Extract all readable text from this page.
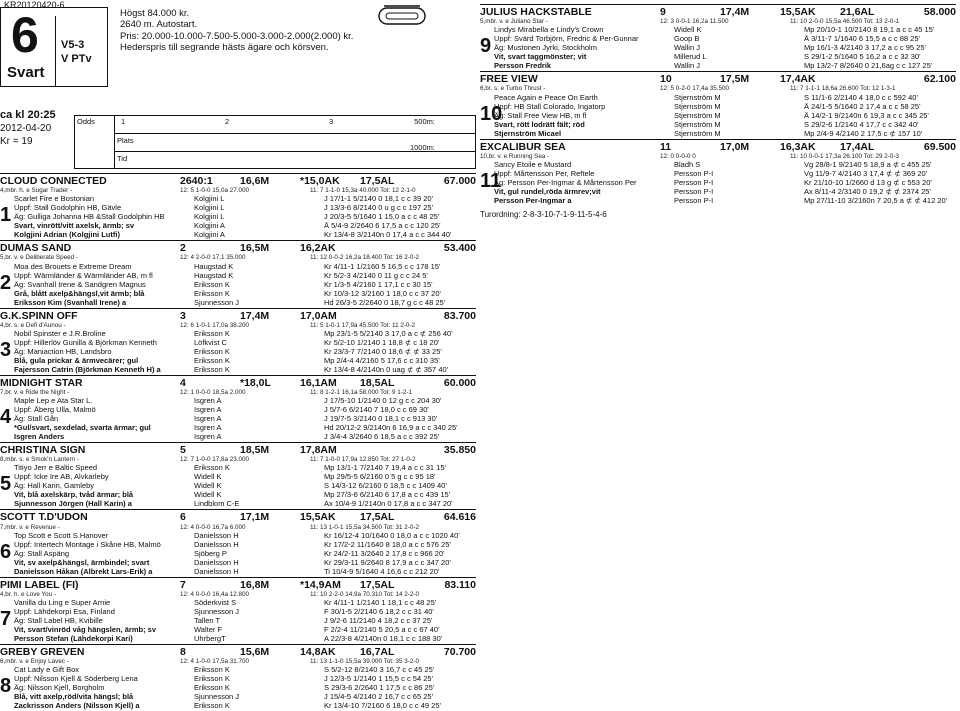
KR20120420-6
6
Svart
V5-3
V PTv
Högst 84.000 kr.
2640 m. Autostart.
Pris: 20.000-10.000-7.500-5.000-3.000-2.000(2.000) kr.
Hederspris till segrande hästs ägare och körsven.
ca kl 20:25
2012-04-20
Kr = 19
Odds	1	2	3	500m:
Plats
Tid
1000m:
CLOUD CONNECTED	2640:1	16,6M	*15,0AK	17,5AL	67.000
4,mbr. h. e Sugar Trader -	12: 5 1-0-0 15,0a 27.000	11: 7 1-1-0 15,3a 40.000 Tot: 12 2-1-0
1
Scarlet Fire e Bostonian	Kolgjini L	J 17/1-1 5/2140 0 18,1 c c 39 20'
Uppf: Stall Godolphin HB, Gävle	Kolgjini L	J 13/3-6 8/2140 0 u g c c 197 25'
Äg: Gulliga Johanna HB &Stall Godolphin HB	Kolgjini L	J 20/3-5 5/1640 1 15,0 a c c 48 25'
Svart, vinrött/vitt axelsk, ärmb; sv	Kolgjini A	Å 5/4-9 2/2640 6 17,5 a c c 120 25'
Kolgjini Adrian (Kolgjini Lutfi)	Kolgjini A	Kr 13/4-8 3/2140n 0 17,4 a c c 344 40'
DUMAS SAND	2	16,5M	16,2AK	53.400
5,br. v. e Deliberate Speed -	12: 4 2-0-0 17,1 35.000	11: 12 0-0-2 16,2a 18.400 Tot: 16 2-0-2
2
Moa des Brouets e Extreme Dream	Haugstad K	Kr 4/11-1 1/2160 5 16,5 c c 178 15'
Uppf: Wärmländer & Wärmländer AB, m fl	Haugstad K	Kr 5/2-3 4/2140 0 11 g c c 24 5'
Äg: Svanhall Irene & Sandgren Magnus	Eriksson K	Kr 1/3-5 4/2160 1 17,1 c c 30 15'
Grå, blått axelp&hängsl,vit ärmb; blå	Eriksson K	Kr 10/3-12 3/2160 1 18,0 c c 37 20'
Eriksson Kim (Svanhall Irene) a	Sjunnesson J	Hd 26/3-5 2/2640 0 18,7 g c c 48 25'
G.K.SPINN OFF	3	17,4M	17,0AM	83.700
4,br. s. e Defi d'Aunou -	12: 6 1-0-1 17,0a 38.200	11: 5 1-0-1 17,9a 45.500 Tot: 11 2-0-2
3
Nobil Spinster e J.R.Broline	Eriksson K	Mp 23/1-5 5/2140 3 17,0 a c ⊄ 256 40'
Uppf: Hillerlöv Gunilla & Björkman Kenneth	Löfkvist C	Kr 5/2-10 1/2140 1 18,8 ⊄ c 18 20'
Äg: Maniaction HB, Landsbro	Eriksson K	Kr 23/3-7 7/2140 0 18,6 ⊄ ⊄ 33 25'
Blå, gula prickar & ärmvecärer; gul	Eriksson K	Mp 2/4-4 4/2160 5 17,6 c c 310 35'
Fajersson Catrin (Björkman Kenneth H) a	Eriksson K	Kr 13/4-8 4/2140n 0 uag ⊄ ⊄ 357 40'
MIDNIGHT STAR	4	*18,0L	16,1AM	18,5AL	60.000
7,br. v. e Ride the Night -	12: 1 0-0-0 18,5a 2.000	11: 8 1-2-1 16,1a 58.000 Tot: 9 1-2-1
4
Maple Lep e Ata Star L.	Isgren A	J 17/5-10 1/2140 0 12 g c c 204 30'
Uppf: Åberg Ulla, Malmö	Isgren A	J 5/7-6 6/2140 7 18,0 c c 69 30'
Äg: Stall Gån	Isgren A	J 19/7-5 3/2140 0 18,1 c c 913 30'
*Gul/svart, sexdelad, svarta ärmar; gul	Isgren A	Hd 20/12-2 9/2140n 6 16,9 a c c 340 25'
Isgren Anders	Isgren A	J 3/4-4 3/2640 6 18,5 a c c 392 25'
CHRISTINA SIGN	5	18,5M	17,8AM	35.850
8,mbr. s. e Smok'n Lantern -	12: 7 1-0-0 17,8a 23.000	11: 7 1-0-0 17,9a 12.850 Tot: 27 1-0-2
5
Titiyo Jerr e Baltic Speed	Eriksson K	Mp 13/1-1 7/2140 7 19,4 a c c 31 15'
Uppf: Icke Ire AB, Alvkarleby	Widell K	Mp 29/5-5 6/2160 0 5 g c c 95 18'
Äg: Hall Karin, Gamleby	Widell K	S 14/3-12 6/2160 0 18,5 c c 1409 40'
Vit, blå axelskärp, tvåd ärmar; blå	Widell K	Mp 27/3-6 6/2140 6 17,8 a c c 439 15'
Sjunnesson Jörgen (Hall Karin) a	Lindblom C-E	Ax 10/4-9 1/2140n 0 17,8 a c c 347 20'
SCOTT T.D'UDON	6	17,1M	15,5AK	17,5AL	64.616
7,mbr. v. e Revenue -	12: 4 0-0-0 16,7a 6.000	11: 13 1-0-1 15,5a 34.500 Tot: 31 2-0-2
6
Top Scott e Scott S.Hanover	Danielsson H	Kr 16/12-4 10/1640 0 18,0 a c c 1020 40'
Uppf: Intertech Montage i Skåne HB, Malmö	Danielsson H	Kr 17/2-2 11/1640 8 18,0 a c c 576 25'
Äg: Stall Aspäng	Sjöberg P	Kr 24/2-11 3/2640 2 17,8 c c 966 20'
Vit, sv axelp&hängsl, ärmbindel; svart	Danielsson H	Kr 29/3-11 9/2640 8 17,9 a c c 347 20'
Danielsson Håkan (Albrekt Lars-Erik) a	Danielsson H	Ti 10/4-9 5/1640 4 16,6 c c 212 20'
PIMI LABEL (FI)	7	16,8M	*14,9AM	17,5AL	83.110
4,br. h. e Love You -	12: 4 0-0-0 16,4a 12.800	11: 10 2-2-0 14,9a 70.310 Tot: 14 2-2-0
7
Vanilla du Ling e Super Arnie	Söderkvist S	Kr 4/11-1 1/2140 1 18,1 c c 48 25'
Uppf: Lähdekorpi Esa, Finland	Sjunnesson J	F 30/1-5 2/2140 6 18,2 c c 31 40'
Äg: Stall Label HB, Kvibille	Tallen T	J 9/2-6 11/2140 4 18,2 c c 37 25'
Vit, svart/vinröd våg hängslen, ärmb; sv	Walter F	F 2/2-4 11/2140 5 20,5 a c c 67 40'
Persson Stefan (Lähdekorpi Kari)	UhrbergT	A 22/3-8 4/2140n 0 18,1 c c 188 30'
GREBY GREVEN	8	15,6M	14,8AK	16,7AL	70.700
6,mbr. v. e Enjoy Lavec -	12: 4 1-0-0 17,5a 31.700	11: 13 1-1-0 15,5a 39.000 Tot: 35 3-2-0
8
Cat Lady e Gift Box	Eriksson K	S 5/2-12 8/2140 3 16,7 c c 45 25'
Uppf: Nilsson Kjell & Söderberg Lena	Eriksson K	J 12/3-5 1/2140 1 15,5 c c 54 25'
Äg: Nilsson Kjell, Borgholm	Eriksson K	S 29/3-6 2/2640 1 17,5 c c 86 25'
Blå, vitt axelp,röd/vita hängsl; blå	Sjunnesson J	J 15/4-5 4/2140 2 16,7 c c 65 25'
Zackrisson Anders (Nilsson Kjell) a	Eriksson K	Kr 13/4-10 7/2160 6 18,0 c c 49 25'
JULIUS HACKSTABLE	9	17,4M	15,5AK	21,6AL	58.000
5,mbr. v. e Juliano Star -	12: 3 0-0-1 16,2a 11.500	11: 10 2-0-0 15,5a 46.500 Tot: 13 2-0-1
9
Lindys Mirabella e Lindy's Crown	Widell K	Mp 20/10-1 10/2140 8 19,1 a c c 45 15'
Uppf: Svärd Torbjörn, Fredric & Per-Gunnar	Goop B	Å 3/11-7 1/1640 6 15,5 a c c 88 25'
Äg: Mustonen Jyrki, Stockholm	Wallin J	Mp 16/1-3 4/2140 3 17,2 a c c 95 25'
Vit, svart taggmönster; vit	Millerud L	S 29/1-2 5/1640 5 16,2 a c c 32 30'
Persson Fredrik	Wallin J	Mp 13/2-7 8/2640 0 21,6ag c c 127 25'
FREE VIEW	10	17,5M	17,4AK	62.100
6,br. s. e Turbo Thrust -	12: 5 0-2-0 17,4a 35.500	11: 7 1-1-1 18,6a 26.600 Tot: 12 1-3-1
10
Peace Again e Peace On Earth	Stjernström M	S 11/1-6 2/2140 4 18,0 c c 592 40'
Uppf: HB Stall Colorado, Ingatorp	Stjernström M	Å 24/1-5 5/1640 2 17,4 a c c 58 25'
Äg: Stall Free View HB, m fl	Stjernström M	Å 14/2-1 9/2140n 6 19,3 a c c 345 25'
Svart, rött lodrätt fält; röd	Stjernström M	S 29/2-6 1/2140 4 17,7 c c 342 40'
Stjernström Micael	Stjernström M	Mp 2/4-9 4/2140 2 17,5 c ⊄ 157 10'
EXCALIBUR SEA	11	17,0M	16,3AK	17,4AL	69.500
10,br. v. e Running Sea -	12: 0 0-0-0 0	11: 10 0-0-1 17,3a 26.100 Tot: 29 2-0-3
11
Sancy Etoile e Mustard	Bladh S	Vg 28/8-1 9/2140 5 18,9 a ⊄ c 455 25'
Uppf: Mårtensson Per, Reftele	Persson P-I	Vg 11/9-7 4/2140 3 17,4 ⊄ ⊄ 369 20'
Äg: Persson Per-Ingmar & Mårtensson Per	Persson P-I	Kr 21/10-10 1/2660 d 13 g ⊄ c 553 20'
Vit, gul rundel,röda ärmrev;vit	Persson P-I	Ax 8/11-4 2/3140 0 19,2 ⊄ ⊄ 2374 25'
Persson Per-Ingmar a	Persson P-I	Mp 27/11-10 3/2160n 7 20,5 a ⊄ ⊄ 412 20'
Turordning: 2-8-3-10-7-1-9-11-5-4-6
